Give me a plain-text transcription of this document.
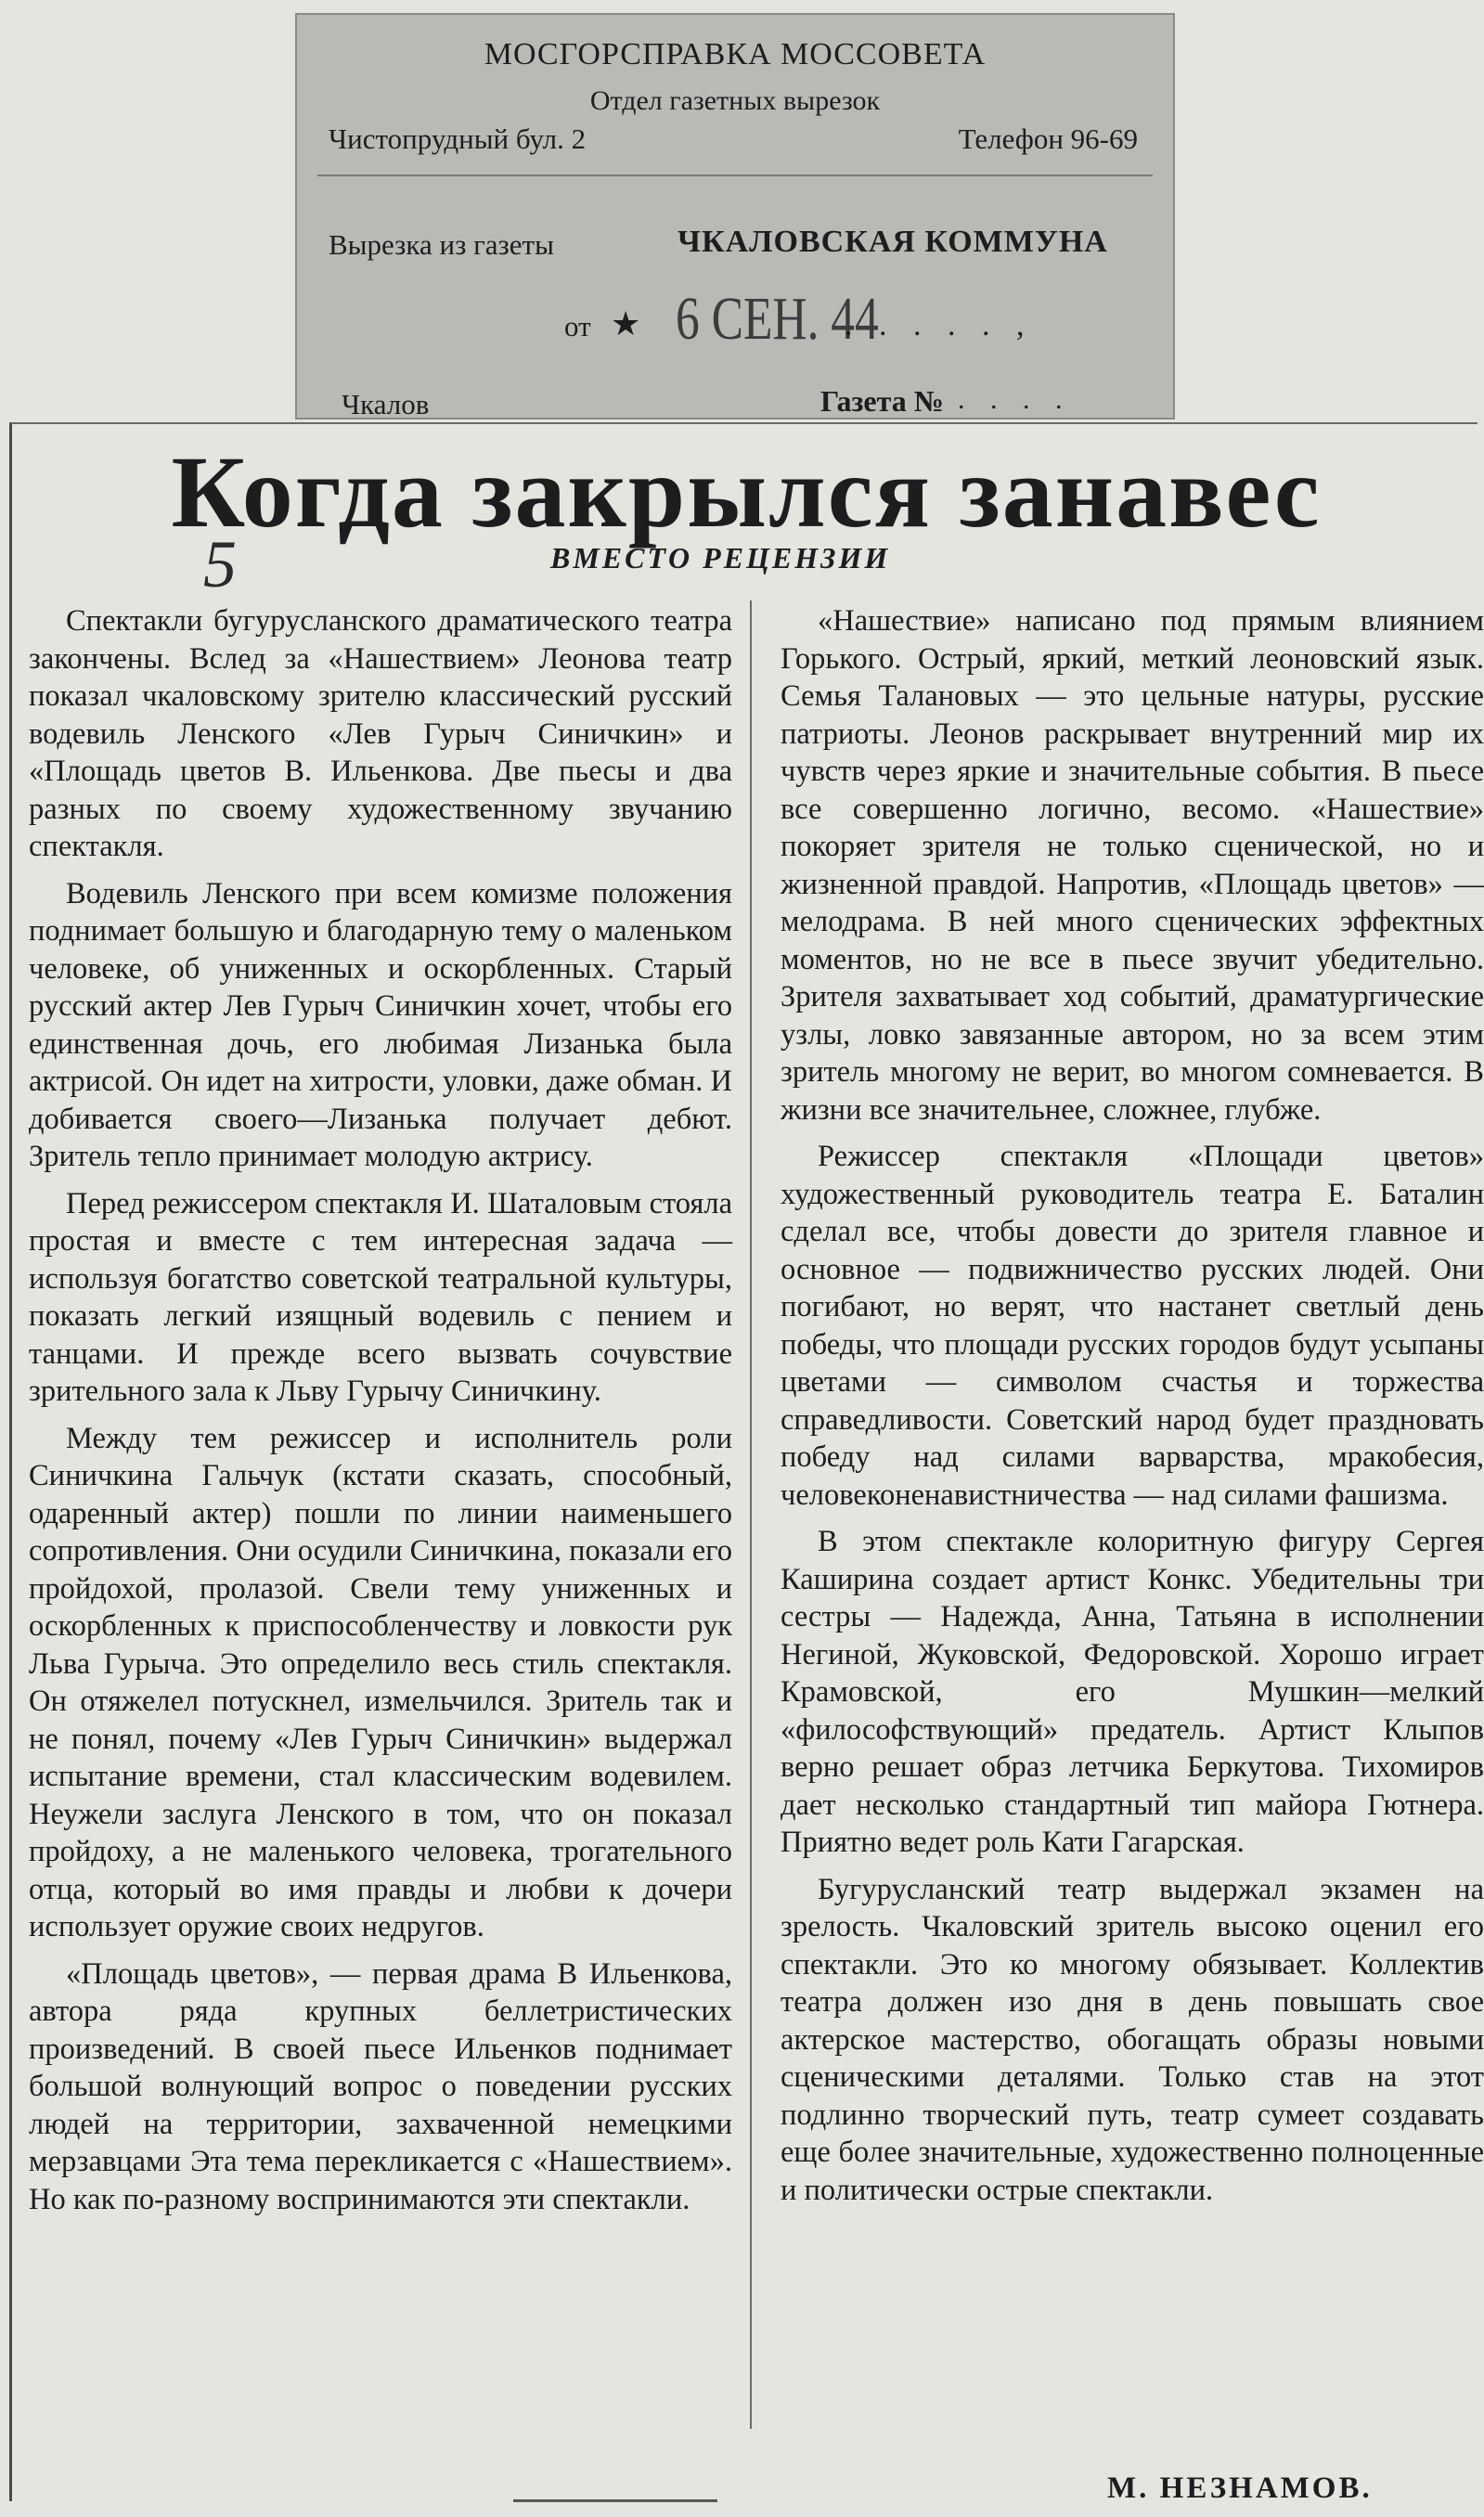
МОСГОРСПРАВКА МОССОВЕТА
Отдел газетных вырезок
Чистопрудный бул. 2	Телефон 96-69
Вырезка из газеты	ЧКАЛОВСКАЯ КОММУНА
от ★ 6 СЕН. 44
. . . . . ,
Чкалов	Газета № . . . .
Когда закрылся занавес
5	ВМЕСТО РЕЦЕНЗИИ

Спектакли бугурусланского драматического театра закончены. Вслед за «Нашествием» Леонова театр показал чкаловскому зрителю классический русский водевиль Ленского «Лев Гурыч Синичкин» и «Площадь цветов В. Ильенкова. Две пьесы и два разных по своему художественному звучанию спектакля.

Водевиль Ленского при всем комизме положения поднимает большую и благодарную тему о маленьком человеке, об униженных и оскорбленных. Старый русский актер Лев Гурыч Синичкин хочет, чтобы его единственная дочь, его любимая Лизанька была актрисой. Он идет на хитрости, уловки, даже обман. И добивается своего—Лизанька получает дебют. Зритель тепло принимает молодую актрису.

Перед режиссером спектакля И. Шаталовым стояла простая и вместе с тем интересная задача — используя богатство советской театральной культуры, показать легкий изящный водевиль с пением и танцами. И прежде всего вызвать сочувствие зрительного зала к Льву Гурычу Синичкину.

Между тем режиссер и исполнитель роли Синичкина Гальчук (кстати сказать, способный, одаренный актер) пошли по линии наименьшего сопротивления. Они осудили Синичкина, показали его пройдохой, пролазой. Свели тему униженных и оскорбленных к приспособленчеству и ловкости рук Льва Гурыча. Это определило весь стиль спектакля. Он отяжелел потускнел, измельчился. Зритель так и не понял, почему «Лев Гурыч Синичкин» выдержал испытание времени, стал классическим водевилем. Неужели заслуга Ленского в том, что он показал пройдоху, а не маленького человека, трогательного отца, который во имя правды и любви к дочери использует оружие своих недругов.

«Площадь цветов», — первая драма В Ильенкова, автора ряда крупных беллетристических произведений. В своей пьесе Ильенков поднимает большой волнующий вопрос о поведении русских людей на территории, захваченной немецкими мерзавцами Эта тема перекликается с «Нашествием». Но как по-разному воспринимаются эти спектакли.

«Нашествие» написано под прямым влиянием Горького. Острый, яркий, меткий леоновский язык. Семья Талановых — это цельные натуры, русские патриоты. Леонов раскрывает внутренний мир их чувств через яркие и значительные события. В пьесе все совершенно логично, весомо. «Нашествие» покоряет зрителя не только сценической, но и жизненной правдой. Напротив, «Площадь цветов» — мелодрама. В ней много сценических эффектных моментов, но не все в пьесе звучит убедительно. Зрителя захватывает ход событий, драматургические узлы, ловко завязанные автором, но за всем этим зритель многому не верит, во многом сомневается. В жизни все значительнее, сложнее, глубже.

Режиссер спектакля «Площади цветов» художественный руководитель театра Е. Баталин сделал все, чтобы довести до зрителя главное и основное — подвижничество русских людей. Они погибают, но верят, что настанет светлый день победы, что площади русских городов будут усыпаны цветами — символом счастья и торжества справедливости. Советский народ будет праздновать победу над силами варварства, мракобесия, человеконенавистничества — над силами фашизма.

В этом спектакле колоритную фигуру Сергея Каширина создает артист Конкс. Убедительны три сестры — Надежда, Анна, Татьяна в исполнении Негиной, Жуковской, Федоровской. Хорошо играет Крамовской, его Мушкин—мелкий «философствующий» предатель. Артист Клыпов верно решает образ летчика Беркутова. Тихомиров дает несколько стандартный тип майора Гютнера. Приятно ведет роль Кати Гагарская.

Бугурусланский театр выдержал экзамен на зрелость. Чкаловский зритель высоко оценил его спектакли. Это ко многому обязывает. Коллектив театра должен изо дня в день повышать свое актерское мастерство, обогащать образы новыми сценическими деталями. Только став на этот подлинно творческий путь, театр сумеет создавать еще более значительные, художественно полноценные и политически острые спектакли.

М. НЕЗНАМОВ.
